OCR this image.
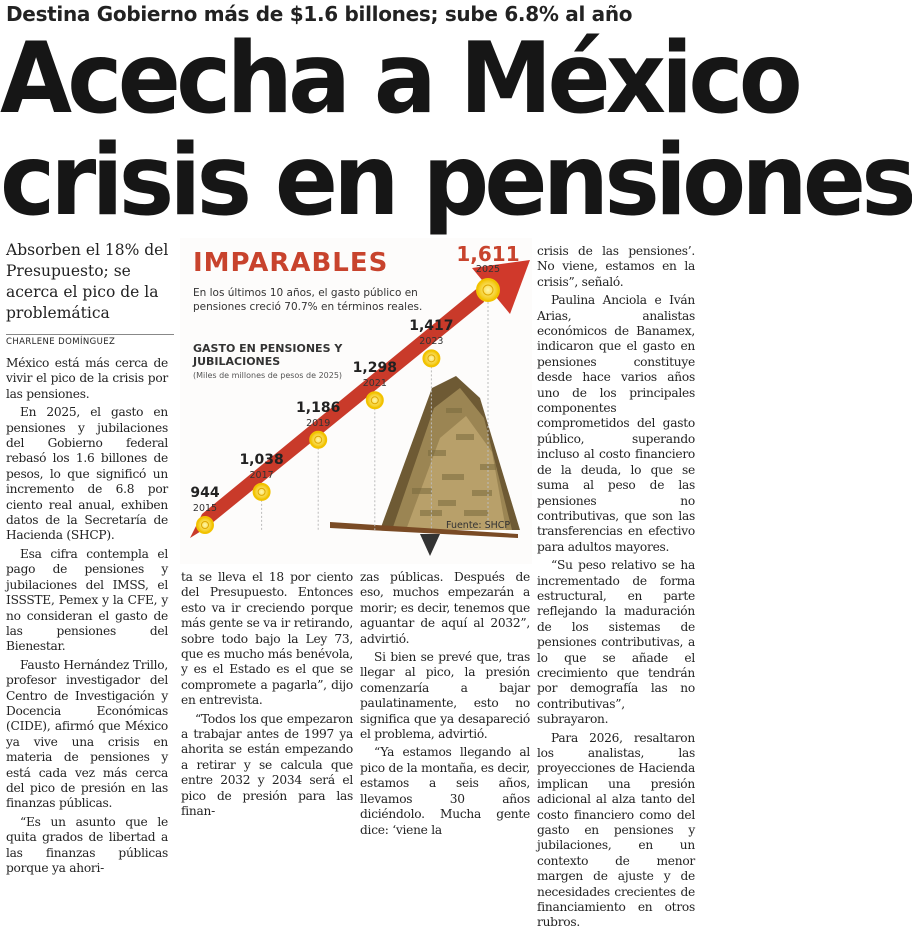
Destina Gobierno más de $1.6 billones; sube 6.8% al año
Acecha a México
crisis en pensiones
Absorben el 18% del Presupuesto; se acerca el pico de la problemática
CHARLENE DOMÍNGUEZ

México está más cerca de vivir el pico de la crisis por las pensiones.

En 2025, el gasto en pensiones y jubilaciones del Gobierno federal rebasó los 1.6 billones de pesos, lo que significó un incremento de 6.8 por ciento real anual, exhiben datos de la Secretaría de Hacienda (SHCP).

Esa cifra contempla el pago de pensiones y jubilaciones del IMSS, el ISSSTE, Pemex y la CFE, y no consideran el gasto de las pensiones del Bienestar.

Fausto Hernández Trillo, profesor investigador del Centro de Investigación y Docencia Económicas (CIDE), afirmó que México ya vive una crisis en materia de pensiones y está cada vez más cerca del pico de presión en las finanzas públicas.

“Es un asunto que le quita grados de libertad a las finanzas públicas porque ya ahori-

IMPARABLES
En los últimos 10 años, el gasto público en pensiones creció 70.7% en términos reales.
GASTO EN PENSIONES Y JUBILACIONES
(Miles de millones de pesos de 2025)
944
2015
1,038
2017
1,186
2019
1,298
2021
1,417
2023
1,611
2025
Fuente: SHCP

ta se lleva el 18 por ciento del Presupuesto. Entonces esto va ir creciendo porque más gente se va ir retirando, sobre todo bajo la Ley 73, que es mucho más benévola, y es el Estado es el que se compromete a pagarla”, dijo en entrevista.

“Todos los que empezaron a trabajar antes de 1997 ya ahorita se están empezando a retirar y se calcula que entre 2032 y 2034 será el pico de presión para las finan-

zas públicas. Después de eso, muchos empezarán a morir; es decir, tenemos que aguantar de aquí al 2032”, advirtió.

Si bien se prevé que, tras llegar al pico, la presión comenzaría a bajar paulatinamente, esto no significa que ya desapareció el problema, advirtió.

“Ya estamos llegando al pico de la montaña, es decir, estamos a seis años, llevamos 30 años diciéndolo. Mucha gente dice: ‘viene la

crisis de las pensiones’. No viene, estamos en la crisis”, señaló.

Paulina Anciola e Iván Arias, analistas económicos de Banamex, indicaron que el gasto en pensiones constituye desde hace varios años uno de los principales componentes comprometidos del gasto público, superando incluso al costo financiero de la deuda, lo que se suma al peso de las pensiones no contributivas, que son las transferencias en efectivo para adultos mayores.

“Su peso relativo se ha incrementado de forma estructural, en parte reflejando la maduración de los sistemas de pensiones contributivas, a lo que se añade el crecimiento que tendrán por demografía las no contributivas”, subrayaron.

Para 2026, resaltaron los analistas, las proyecciones de Hacienda implican una presión adicional al alza tanto del costo financiero como del gasto en pensiones y jubilaciones, en un contexto de menor margen de ajuste y de necesidades crecientes de financiamiento en otros rubros.
